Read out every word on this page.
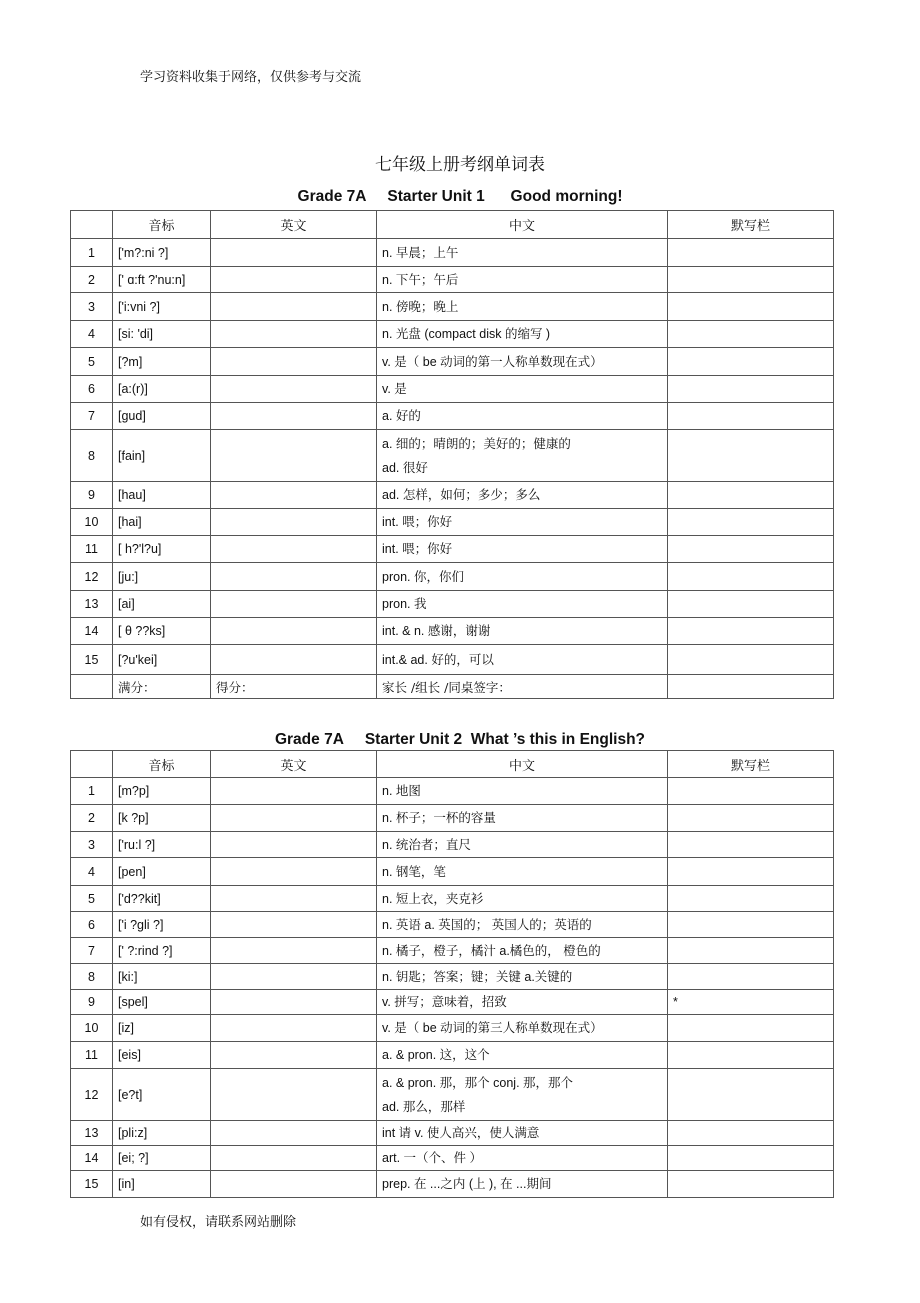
学习资料收集于网络，仅供参考与交流
七年级上册考纲单词表
Grade 7A     Starter Unit 1      Good morning!
	音标	英文	中文	默写栏
1	['m?:ni ?]		n. 早晨；上午	

2	[' ɑ:ft ?'nu:n]		n. 下午；午后	

3	['i:vni ?]		n. 傍晚；晚上	

4	[si: 'di]		n. 光盘 (compact disk 的缩写 )	

5	[?m]		v. 是（ be 动词的第一人称单数现在式）	

6	[a:(r)]		v. 是	

7	[gud]		a. 好的	

8	[fain]		a. 细的；晴朗的；美好的；健康的
ad. 很好	

9	[hau]		ad. 怎样，如何；多少；多么	

10	[hai]		int. 喂；你好	

11	[ h?'l?u]		int. 喂；你好	

12	[ju:]		pron. 你，你们	

13	[ai]		pron. 我	

14	[ θ ??ks]		int. & n. 感谢，谢谢	

15	[?u'kei]		int.& ad. 好的，可以	

	满分：	得分：	家长 /组长 /同桌签字：	
Grade 7A     Starter Unit 2  What ’s this in English?
	音标	英文	中文	默写栏
1	[m?p]		n. 地图	

2	[k ?p]		n. 杯子；一杯的容量	

3	['ru:l ?]		n. 统治者；直尺	

4	[pen]		n. 钢笔，笔	

5	['d??kit]		n. 短上衣，夹克衫	

6	['i ?gli ?]		n. 英语 a. 英国的； 英国人的；英语的	

7	[' ?:rind ?]		n. 橘子，橙子，橘汁 a.橘色的， 橙色的	

8	[ki:]		n. 钥匙；答案；键；关键 a.关键的	

9	[spel]		v. 拼写；意味着，招致	*
10	[iz]		v. 是（ be 动词的第三人称单数现在式）	

11	[eis]		a. & pron. 这，这个	

12	[e?t]		a. & pron. 那，那个 conj. 那，那个
ad. 那么，那样	

13	[pli:z]		int 请 v. 使人高兴，使人满意	

14	[ei; ?]		art. 一（个、件 ）	

15	[in]		prep. 在 ...之内 (上 ), 在 ...期间	

如有侵权，请联系网站删除
